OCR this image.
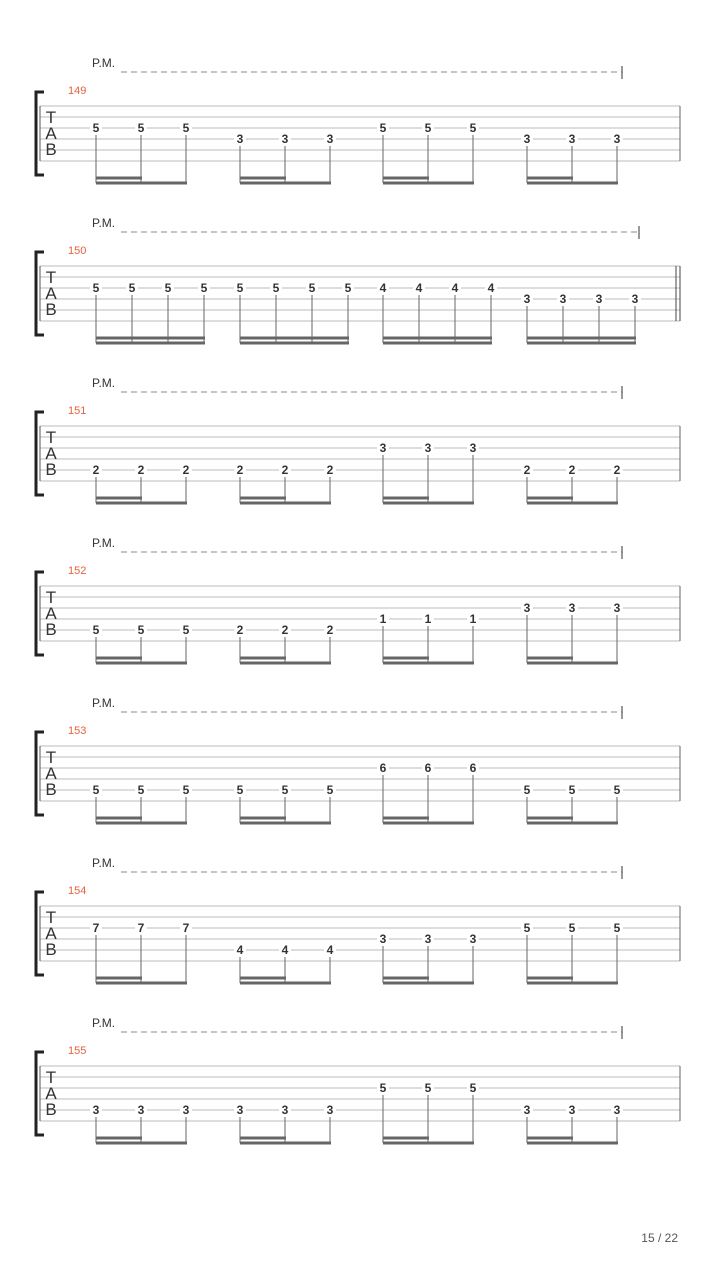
P.M.
149
T
A
B
5	5	5
3	3	3
5	5	5
3	3	3
P.M.
150
T
A
B
5 5 5 5 5 5 5 5 4 4 4 4
3 3 3 3
P.M.
151
T
A
B	2	2	2	2	2	2
3	3	3
2	2	2
P.M.
152
T
A
B	5	5	5	2	2	2
1	1	1
3	3	3
P.M.
153
T
A
B	5	5	5	5	5	5
6	6	6
5	5	5
P.M.
154
T
A
B
7	7	7
4	4	4
3	3	3
5	5	5
P.M.
155
T
A
B	3	3	3	3	3	3
5	5	5
3	3	3
15 / 22
